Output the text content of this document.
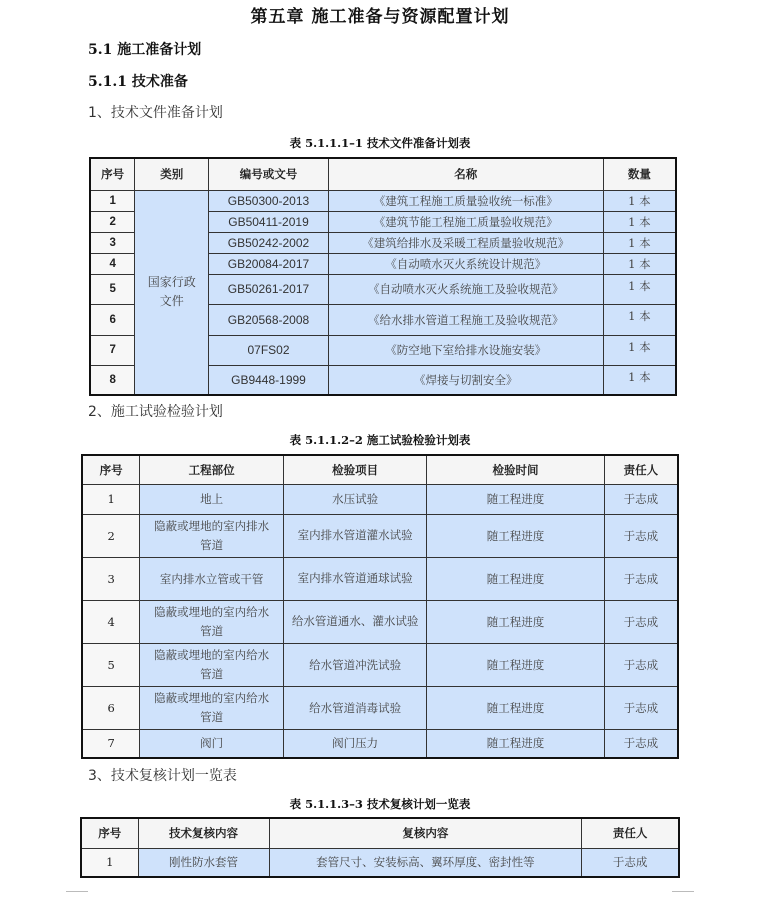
第五章 施工准备与资源配置计划
5.1 施工准备计划
5.1.1 技术准备
1、技术文件准备计划
表 5.1.1.1–1 技术文件准备计划表
序号	类别	编号或文号	名称	数量
1	国家行政文件	GB50300-2013	《建筑工程施工质量验收统一标准》	1 本
2		GB50411-2019	《建筑节能工程施工质量验收规范》	1 本
3		GB50242-2002	《建筑给排水及采暖工程质量验收规范》	1 本
4		GB20084-2017	《自动喷水灭火系统设计规范》	1 本
5		GB50261-2017	《自动喷水灭火系统施工及验收规范》	1 本
6		GB20568-2008	《给水排水管道工程施工及验收规范》	1 本
7		07FS02	《防空地下室给排水设施安装》	1 本
8		GB9448-1999	《焊接与切割安全》	1 本
2、施工试验检验计划
表 5.1.1.2–2 施工试验检验计划表
序号	工程部位	检验项目	检验时间	责任人
1	地上	水压试验	随工程进度	于志成
2	隐蔽或埋地的室内排水管道	室内排水管道灌水试验	随工程进度	于志成
3	室内排水立管或干管	室内排水管道通球试验	随工程进度	于志成
4	隐蔽或埋地的室内给水管道	给水管道通水、灌水试验	随工程进度	于志成
5	隐蔽或埋地的室内给水管道	给水管道冲洗试验	随工程进度	于志成
6	隐蔽或埋地的室内给水管道	给水管道消毒试验	随工程进度	于志成
7	阀门	阀门压力	随工程进度	于志成
3、技术复核计划一览表
表 5.1.1.3–3 技术复核计划一览表
序号	技术复核内容	复核内容	责任人
1	刚性防水套管	套管尺寸、安装标高、翼环厚度、密封性等	于志成
